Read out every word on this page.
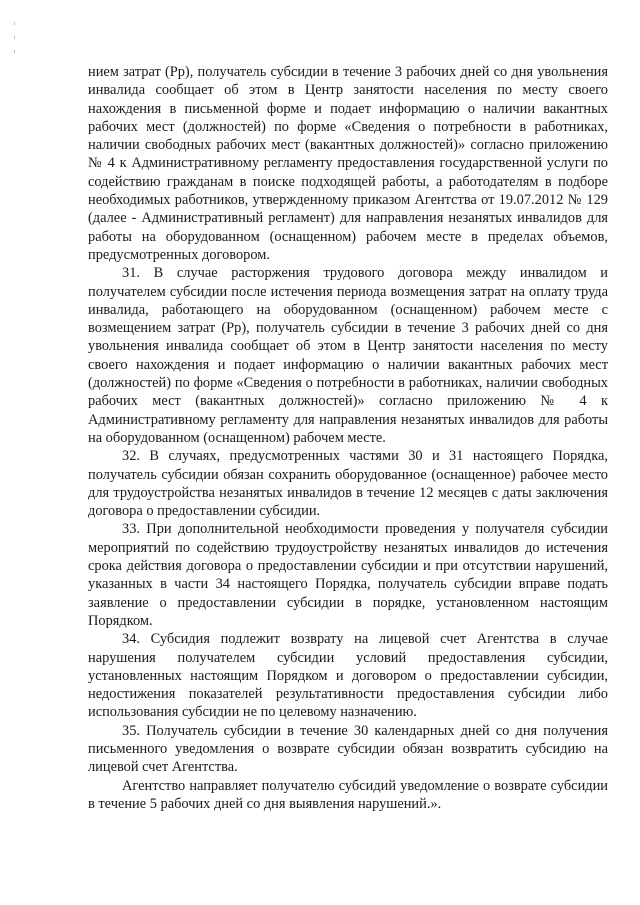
нием затрат (Рр), получатель субсидии в течение 3 рабочих дней со дня увольнения инвалида сообщает об этом в Центр занятости населения по месту своего нахождения в письменной форме и подает информацию о наличии вакантных рабочих мест (должностей) по форме «Сведения о потребности в работниках, наличии свободных рабочих мест (вакантных должностей)» согласно приложению № 4 к Административному регламенту предоставления государственной услуги по содействию гражданам в поиске подходящей работы, а работодателям в подборе необходимых работников, утвержденному приказом Агентства от 19.07.2012 № 129 (далее - Административный регламент) для направления незанятых инвалидов для работы на оборудованном (оснащенном) рабочем месте в пределах объемов, предусмотренных договором.

31. В случае расторжения трудового договора между инвалидом и получателем субсидии после истечения периода возмещения затрат на оплату труда инвалида, работающего на оборудованном (оснащенном) рабочем месте с возмещением затрат (Рр), получатель субсидии в течение 3 рабочих дней со дня увольнения инвалида сообщает об этом в Центр занятости населения по месту своего нахождения и подает информацию о наличии вакантных рабочих мест (должностей) по форме «Сведения о потребности в работниках, наличии свободных рабочих мест (вакантных должностей)» согласно приложению № 4 к Административному регламенту для направления незанятых инвалидов для работы на оборудованном (оснащенном) рабочем месте.

32. В случаях, предусмотренных частями 30 и 31 настоящего Порядка, получатель субсидии обязан сохранить оборудованное (оснащенное) рабочее место для трудоустройства незанятых инвалидов в течение 12 месяцев с даты заключения договора о предоставлении субсидии.

33. При дополнительной необходимости проведения у получателя субсидии мероприятий по содействию трудоустройству незанятых инвалидов до истечения срока действия договора о предоставлении субсидии и при отсутствии нарушений, указанных в части 34 настоящего Порядка, получатель субсидии вправе подать заявление о предоставлении субсидии в порядке, установленном настоящим Порядком.

34. Субсидия подлежит возврату на лицевой счет Агентства в случае нарушения получателем субсидии условий предоставления субсидии, установленных настоящим Порядком и договором о предоставлении субсидии, недостижения показателей результативности предоставления субсидии либо использования субсидии не по целевому назначению.

35. Получатель субсидии в течение 30 календарных дней со дня получения письменного уведомления о возврате субсидии обязан возвратить субсидию на лицевой счет Агентства.

Агентство направляет получателю субсидий уведомление о возврате субсидии в течение 5 рабочих дней со дня выявления нарушений.».
